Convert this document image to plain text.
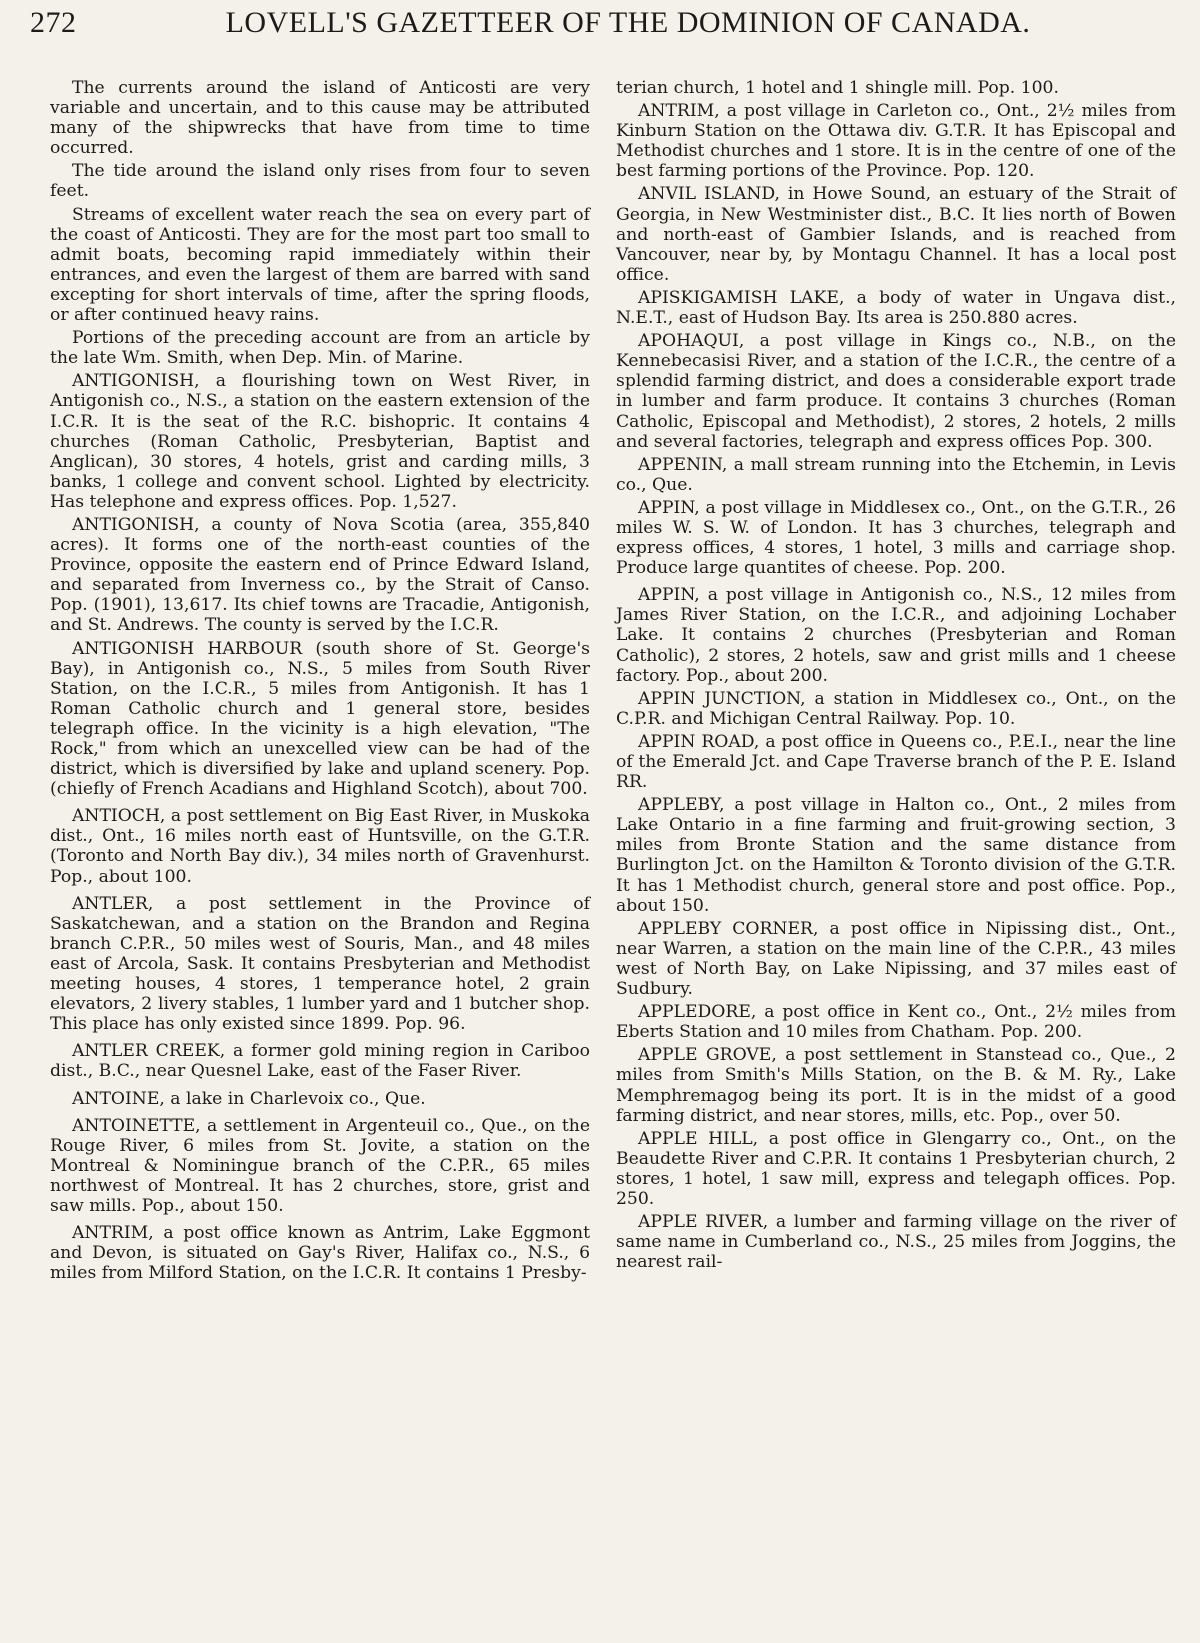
272	LOVELL'S GAZETTEER OF THE DOMINION OF CANADA.

The currents around the island of Anticosti are very variable and uncertain, and to this cause may be attributed many of the shipwrecks that have from time to time occurred.

The tide around the island only rises from four to seven feet.

Streams of excellent water reach the sea on every part of the coast of Anticosti. They are for the most part too small to admit boats, becoming rapid immediately within their entrances, and even the largest of them are barred with sand excepting for short intervals of time, after the spring floods, or after continued heavy rains.

Portions of the preceding account are from an article by the late Wm. Smith, when Dep. Min. of Marine.

ANTIGONISH, a flourishing town on West River, in Antigonish co., N.S., a station on the eastern extension of the I.C.R. It is the seat of the R.C. bishopric. It contains 4 churches (Roman Catholic, Presbyterian, Baptist and Anglican), 30 stores, 4 hotels, grist and carding mills, 3 banks, 1 college and convent school. Lighted by electricity. Has telephone and express offices. Pop. 1,527.

ANTIGONISH, a county of Nova Scotia (area, 355,840 acres). It forms one of the north-east counties of the Province, opposite the eastern end of Prince Edward Island, and separated from Inverness co., by the Strait of Canso. Pop. (1901), 13,617. Its chief towns are Tracadie, Antigonish, and St. Andrews. The county is served by the I.C.R.

ANTIGONISH HARBOUR (south shore of St. George's Bay), in Antigonish co., N.S., 5 miles from South River Station, on the I.C.R., 5 miles from Antigonish. It has 1 Roman Catholic church and 1 general store, besides telegraph office. In the vicinity is a high elevation, "The Rock," from which an unexcelled view can be had of the district, which is diversified by lake and upland scenery. Pop. (chiefly of French Acadians and Highland Scotch), about 700.

ANTIOCH, a post settlement on Big East River, in Muskoka dist., Ont., 16 miles north east of Huntsville, on the G.T.R. (Toronto and North Bay div.), 34 miles north of Gravenhurst. Pop., about 100.

ANTLER, a post settlement in the Province of Saskatchewan, and a station on the Brandon and Regina branch C.P.R., 50 miles west of Souris, Man., and 48 miles east of Arcola, Sask. It contains Presbyterian and Methodist meeting houses, 4 stores, 1 temperance hotel, 2 grain elevators, 2 livery stables, 1 lumber yard and 1 butcher shop. This place has only existed since 1899. Pop. 96.

ANTLER CREEK, a former gold mining region in Cariboo dist., B.C., near Quesnel Lake, east of the Faser River.

ANTOINE, a lake in Charlevoix co., Que.

ANTOINETTE, a settlement in Argenteuil co., Que., on the Rouge River, 6 miles from St. Jovite, a station on the Montreal & Nominingue branch of the C.P.R., 65 miles northwest of Montreal. It has 2 churches, store, grist and saw mills. Pop., about 150.

ANTRIM, a post office known as Antrim, Lake Eggmont and Devon, is situated on Gay's River, Halifax co., N.S., 6 miles from Milford Station, on the I.C.R. It contains 1 Presby-

terian church, 1 hotel and 1 shingle mill. Pop. 100.

ANTRIM, a post village in Carleton co., Ont., 2½ miles from Kinburn Station on the Ottawa div. G.T.R. It has Episcopal and Methodist churches and 1 store. It is in the centre of one of the best farming portions of the Province. Pop. 120.

ANVIL ISLAND, in Howe Sound, an estuary of the Strait of Georgia, in New Westminister dist., B.C. It lies north of Bowen and north-east of Gambier Islands, and is reached from Vancouver, near by, by Montagu Channel. It has a local post office.

APISKIGAMISH LAKE, a body of water in Ungava dist., N.E.T., east of Hudson Bay. Its area is 250.880 acres.

APOHAQUI, a post village in Kings co., N.B., on the Kennebecasisi River, and a station of the I.C.R., the centre of a splendid farming district, and does a considerable export trade in lumber and farm produce. It contains 3 churches (Roman Catholic, Episcopal and Methodist), 2 stores, 2 hotels, 2 mills and several factories, telegraph and express offices Pop. 300.

APPENIN, a mall stream running into the Etchemin, in Levis co., Que.

APPIN, a post village in Middlesex co., Ont., on the G.T.R., 26 miles W. S. W. of London. It has 3 churches, telegraph and express offices, 4 stores, 1 hotel, 3 mills and carriage shop. Produce large quantites of cheese. Pop. 200.

APPIN, a post village in Antigonish co., N.S., 12 miles from James River Station, on the I.C.R., and adjoining Lochaber Lake. It contains 2 churches (Presbyterian and Roman Catholic), 2 stores, 2 hotels, saw and grist mills and 1 cheese factory. Pop., about 200.

APPIN JUNCTION, a station in Middlesex co., Ont., on the C.P.R. and Michigan Central Railway. Pop. 10.

APPIN ROAD, a post office in Queens co., P.E.I., near the line of the Emerald Jct. and Cape Traverse branch of the P. E. Island RR.

APPLEBY, a post village in Halton co., Ont., 2 miles from Lake Ontario in a fine farming and fruit-growing section, 3 miles from Bronte Station and the same distance from Burlington Jct. on the Hamilton & Toronto division of the G.T.R. It has 1 Methodist church, general store and post office. Pop., about 150.

APPLEBY CORNER, a post office in Nipissing dist., Ont., near Warren, a station on the main line of the C.P.R., 43 miles west of North Bay, on Lake Nipissing, and 37 miles east of Sudbury.

APPLEDORE, a post office in Kent co., Ont., 2½ miles from Eberts Station and 10 miles from Chatham. Pop. 200.

APPLE GROVE, a post settlement in Stanstead co., Que., 2 miles from Smith's Mills Station, on the B. & M. Ry., Lake Memphremagog being its port. It is in the midst of a good farming district, and near stores, mills, etc. Pop., over 50.

APPLE HILL, a post office in Glengarry co., Ont., on the Beaudette River and C.P.R. It contains 1 Presbyterian church, 2 stores, 1 hotel, 1 saw mill, express and telegaph offices. Pop. 250.

APPLE RIVER, a lumber and farming village on the river of same name in Cumberland co., N.S., 25 miles from Joggins, the nearest rail-
